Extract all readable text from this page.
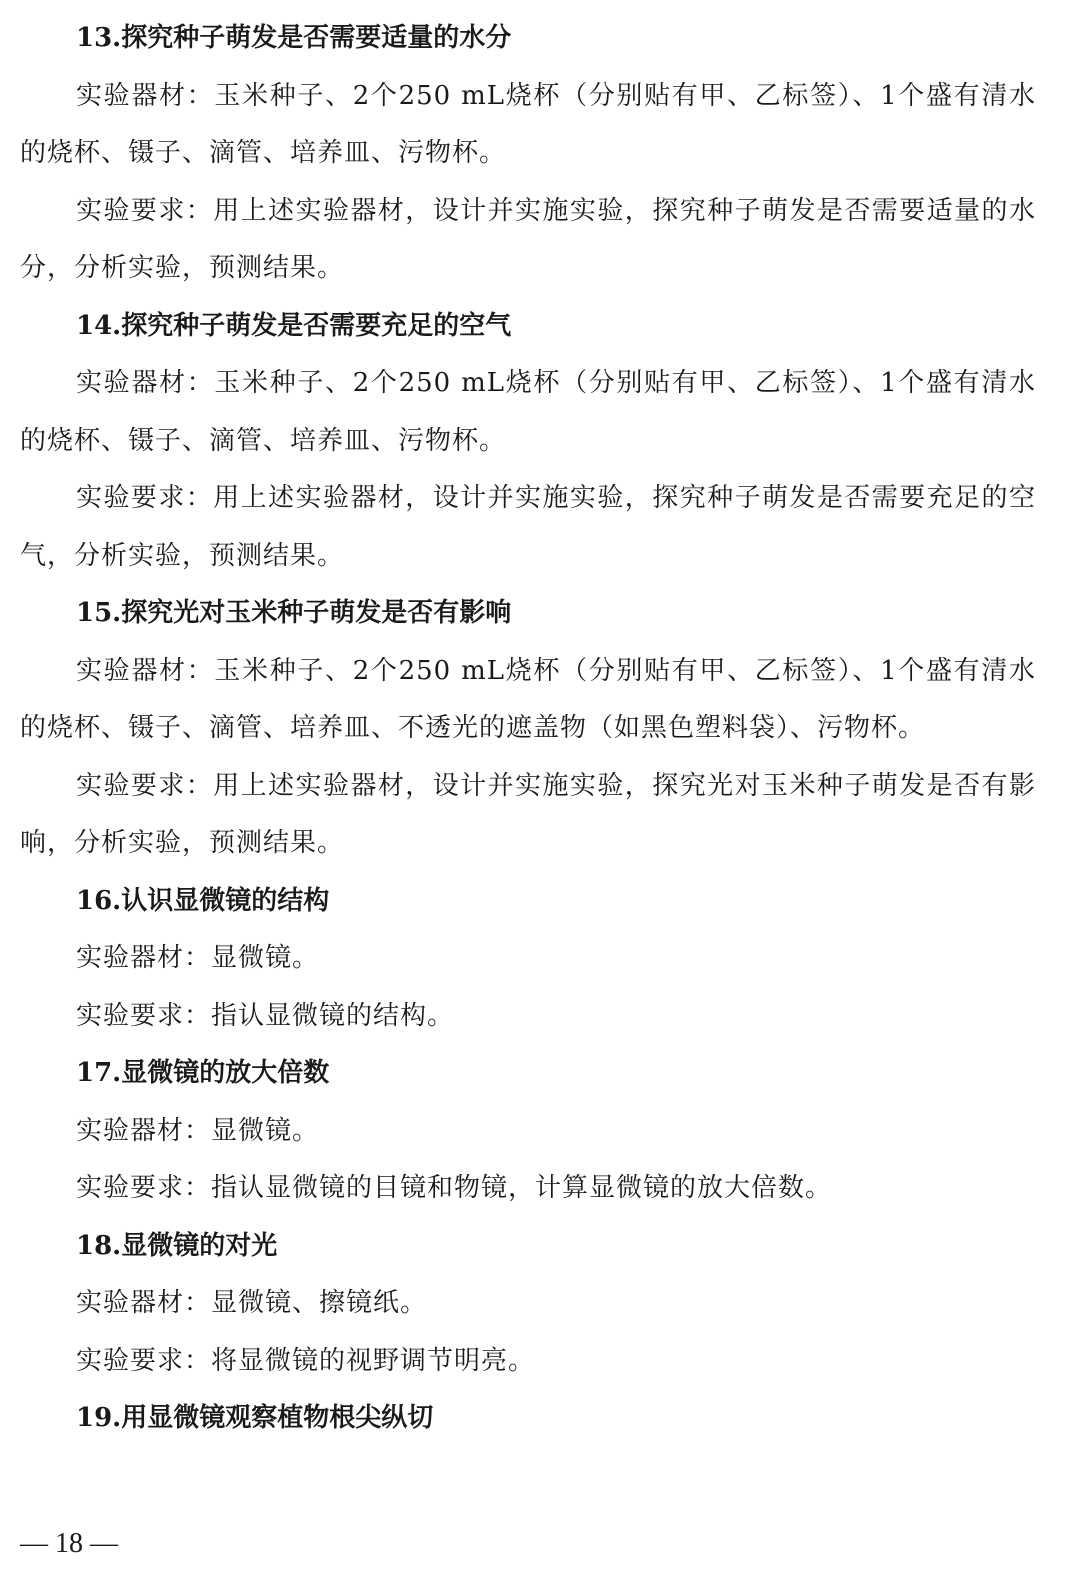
13.探究种子萌发是否需要适量的水分

实验器材：玉米种子、2个250 mL烧杯（分别贴有甲、乙标签）、1个盛有清水的烧杯、镊子、滴管、培养皿、污物杯。

实验要求：用上述实验器材，设计并实施实验，探究种子萌发是否需要适量的水分，分析实验，预测结果。

14.探究种子萌发是否需要充足的空气

实验器材：玉米种子、2个250 mL烧杯（分别贴有甲、乙标签）、1个盛有清水的烧杯、镊子、滴管、培养皿、污物杯。

实验要求：用上述实验器材，设计并实施实验，探究种子萌发是否需要充足的空气，分析实验，预测结果。

15.探究光对玉米种子萌发是否有影响

实验器材：玉米种子、2个250 mL烧杯（分别贴有甲、乙标签）、1个盛有清水的烧杯、镊子、滴管、培养皿、不透光的遮盖物（如黑色塑料袋）、污物杯。

实验要求：用上述实验器材，设计并实施实验，探究光对玉米种子萌发是否有影响，分析实验，预测结果。

16.认识显微镜的结构

实验器材：显微镜。

实验要求：指认显微镜的结构。

17.显微镜的放大倍数

实验器材：显微镜。

实验要求：指认显微镜的目镜和物镜，计算显微镜的放大倍数。

18.显微镜的对光

实验器材：显微镜、擦镜纸。

实验要求：将显微镜的视野调节明亮。

19.用显微镜观察植物根尖纵切
— 18 —
